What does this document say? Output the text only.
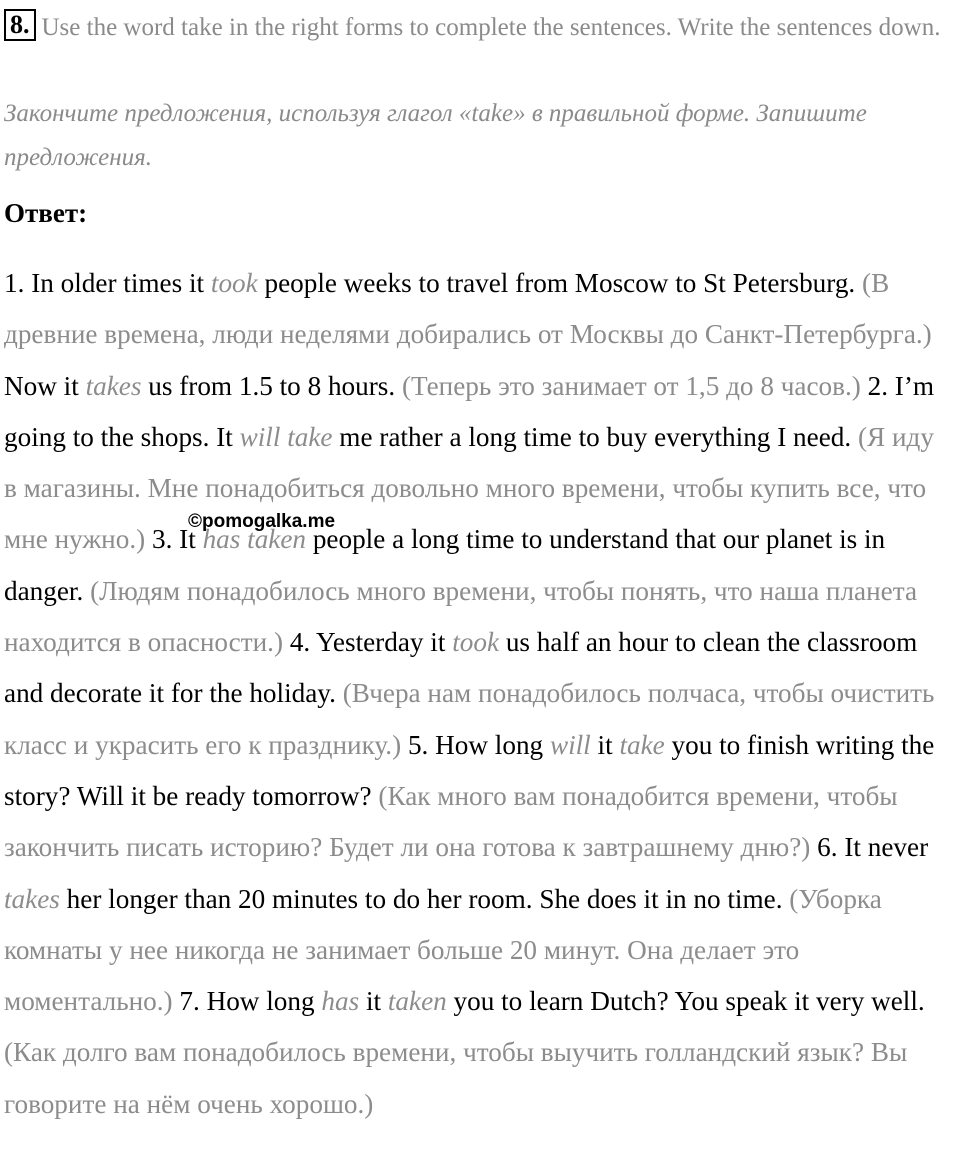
8. Use the word take in the right forms to complete the sentences. Write the sentences down.
Закончите предложения, используя глагол «take» в правильной форме. Запишите предложения.
Ответ:
1. In older times it took people weeks to travel from Moscow to St Petersburg. (В древние времена, люди неделями добирались от Москвы до Санкт-Петербурга.) Now it takes us from 1.5 to 8 hours. (Теперь это занимает от 1,5 до 8 часов.) 2. I’m going to the shops. It will take me rather a long time to buy everything I need. (Я иду в магазины. Мне понадобиться довольно много времени, чтобы купить все, что мне нужно.) 3. It has taken people a long time to understand that our planet is in danger. (Людям понадобилось много времени, чтобы понять, что наша планета находится в опасности.) 4. Yesterday it took us half an hour to clean the classroom and decorate it for the holiday. (Вчера нам понадобилось полчаса, чтобы очистить класс и украсить его к празднику.) 5. How long will it take you to finish writing the story? Will it be ready tomorrow? (Как много вам понадобится времени, чтобы закончить писать историю? Будет ли она готова к завтрашнему дню?) 6. It never takes her longer than 20 minutes to do her room. She does it in no time. (Уборка комнаты у нее никогда не занимает больше 20 минут. Она делает это моментально.) 7. How long has it taken you to learn Dutch? You speak it very well. (Как долго вам понадобилось времени, чтобы выучить голландский язык? Вы говорите на нём очень хорошо.)
©pomogalka.me
